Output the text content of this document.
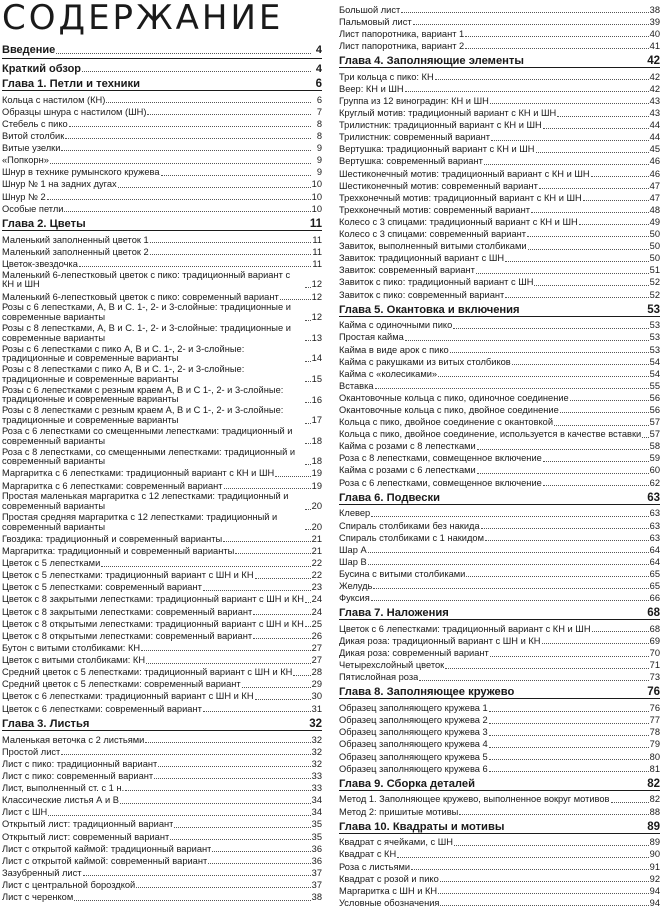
СОДЕРЖАНИЕ
Введение	4
Краткий обзор	4
Глава 1. Петли и техники	6
Кольца с настилом (КН)	6
Образцы шнура с настилом (ШН)	7
Стебель с пико	8
Витой столбик	8
Витые узелки	9
«Попкорн»	9
Шнур в технике румынского кружева	9
Шнур № 1 на задних дугах	10
Шнур № 2	10
Особые петли	10
Глава 2. Цветы	11
Маленький заполненный цветок 1	11
Маленький заполненный цветок 2	11
Цветок-звездочка	11
Маленький 6-лепестковый цветок с пико: традиционный вариант с КН и ШН	12
Маленький 6-лепестковый цветок с пико: современный вариант	12
Розы с 6 лепестками, А, В и С. 1-, 2- и 3-слойные: традиционные и современные варианты	12
Розы с 8 лепестками, А, В и С. 1-, 2- и 3-слойные: традиционные и современные варианты	13
Розы с 6 лепестками с пико А, В и С. 1-, 2- и 3-слойные: традиционные и современные варианты	14
Розы с 8 лепестками с пико А, В и С. 1-, 2- и 3-слойные: традиционные и современные варианты	15
Розы с 6 лепестками с резным краем А, В и С 1-, 2- и 3-слойные: традиционные и современные варианты	16
Розы с 8 лепестками с резным краем А, В и С 1-, 2- и 3-слойные: традиционные и современные варианты	17
Роза с 6 лепестками со смещенными лепестками: традиционный и современный варианты	18
Роза с 8 лепестками, со смещенными лепестками: традиционный и современный варианты	18
Маргаритка с 6 лепестками: традиционный вариант с КН и ШН	19
Маргаритка с 6 лепестками: современный вариант	19
Простая маленькая маргаритка с 12 лепестками: традиционный и современный варианты	20
Простая средняя маргаритка с 12 лепестками: традиционный и современный варианты	20
Гвоздика: традиционный и современный варианты	21
Маргаритка: традиционный и современный варианты	21
Цветок с 5 лепестками	22
Цветок с 5 лепестками: традиционный вариант с ШН и КН	22
Цветок с 5 лепестками: современный вариант	23
Цветок с 8 закрытыми лепестками: традиционный вариант с ШН и КН 24
Цветок с 8 закрытыми лепестками: современный вариант	24
Цветок с 8 открытыми лепестками: традиционный вариант с ШН и КН 25
Цветок с 8 открытыми лепестками: современный вариант	26
Бутон с витыми столбиками: КН	27
Цветок с витыми столбиками: КН	27
Средний цветок с 5 лепестками: традиционный вариант с ШН и КН 28
Средний цветок с 5 лепестками: современный вариант	29
Цветок с 6 лепестками: традиционный вариант с ШН и КН	30
Цветок с 6 лепестками: современный вариант	31
Глава 3. Листья	32
Маленькая веточка с 2 листьями	32
Простой лист	32
Лист с пико: традиционный вариант	32
Лист с пико: современный вариант	33
Лист, выполненный ст. с 1 н.	33
Классические листья А и В	34
Лист с ШН	34
Открытый лист: традиционный вариант	35
Открытый лист: современный вариант	35
Лист с открытой каймой: традиционный вариант	36
Лист с открытой каймой: современный вариант	36
Зазубренный лист	37
Лист с центральной бороздкой	37
Лист с черенком	38
Большой лист	38
Пальмовый лист	39
Лист папоротника, вариант 1	40
Лист папоротника, вариант 2	41
Глава 4. Заполняющие элементы	42
Три кольца с пико: КН	42
Веер: КН и ШН	42
Группа из 12 виноградин: КН и ШН	43
Круглый мотив: традиционный вариант с КН и ШН	43
Трилистник: традиционный вариант с КН и ШН	44
Трилистник: современный вариант	44
Вертушка: традиционный вариант с КН и ШН	45
Вертушка: современный вариант	46
Шестиконечный мотив: традиционный вариант с КН и ШН	46
Шестиконечный мотив: современный вариант	47
Трехконечный мотив: традиционный вариант с КН и ШН	47
Трехконечный мотив: современный вариант	48
Колесо с 3 спицами: традиционный вариант с КН и ШН	49
Колесо с 3 спицами: современный вариант	50
Завиток, выполненный витыми столбиками	50
Завиток: традиционный вариант с ШН	50
Завиток: современный вариант	51
Завиток с пико: традиционный вариант с ШН	52
Завиток с пико: современный вариант	52
Глава 5. Окантовка и включения	53
Кайма с одиночными пико	53
Простая кайма	53
Кайма в виде арок с пико	53
Кайма с ракушками из витых столбиков	54
Кайма с «колесиками»	54
Вставка	55
Окантовочные кольца с пико, одиночное соединение	56
Окантовочные кольца с пико, двойное соединение	56
Кольца с пико, двойное соединение с окантовкой	57
Кольца с пико, двойное соединение, используется в качестве вставки 57
Кайма с розами с 8 лепестками	58
Роза с 8 лепестками, совмещенное включение	59
Кайма с розами с 6 лепестками	60
Роза с 6 лепестками, совмещенное включение	62
Глава 6. Подвески	63
Клевер	63
Спираль столбиками без накида	63
Спираль столбиками с 1 накидом	63
Шар А	64
Шар В	64
Бусина с витыми столбиками	65
Желудь	65
Фуксия	66
Глава 7. Наложения	68
Цветок с 6 лепестками: традиционный вариант с КН и ШН	68
Дикая роза: традиционный вариант с ШН и КН	69
Дикая роза: современный вариант	70
Четырехслойный цветок	71
Пятислойная роза	73
Глава 8. Заполняющее кружево	76
Образец заполняющего кружева 1	76
Образец заполняющего кружева 2	77
Образец заполняющего кружева 3	78
Образец заполняющего кружева 4	79
Образец заполняющего кружева 5	80
Образец заполняющего кружева 6	81
Глава 9. Сборка деталей	82
Метод 1. Заполняющее кружево, выполненное вокруг мотивов	82
Метод 2: пришитые мотивы	88
Глава 10. Квадраты и мотивы	89
Квадрат с ячейками, с ШН	89
Квадрат с КН	90
Роза с листьями	91
Квадрат с розой и пико	92
Маргаритка с ШН и КН	94
Условные обозначения	94
